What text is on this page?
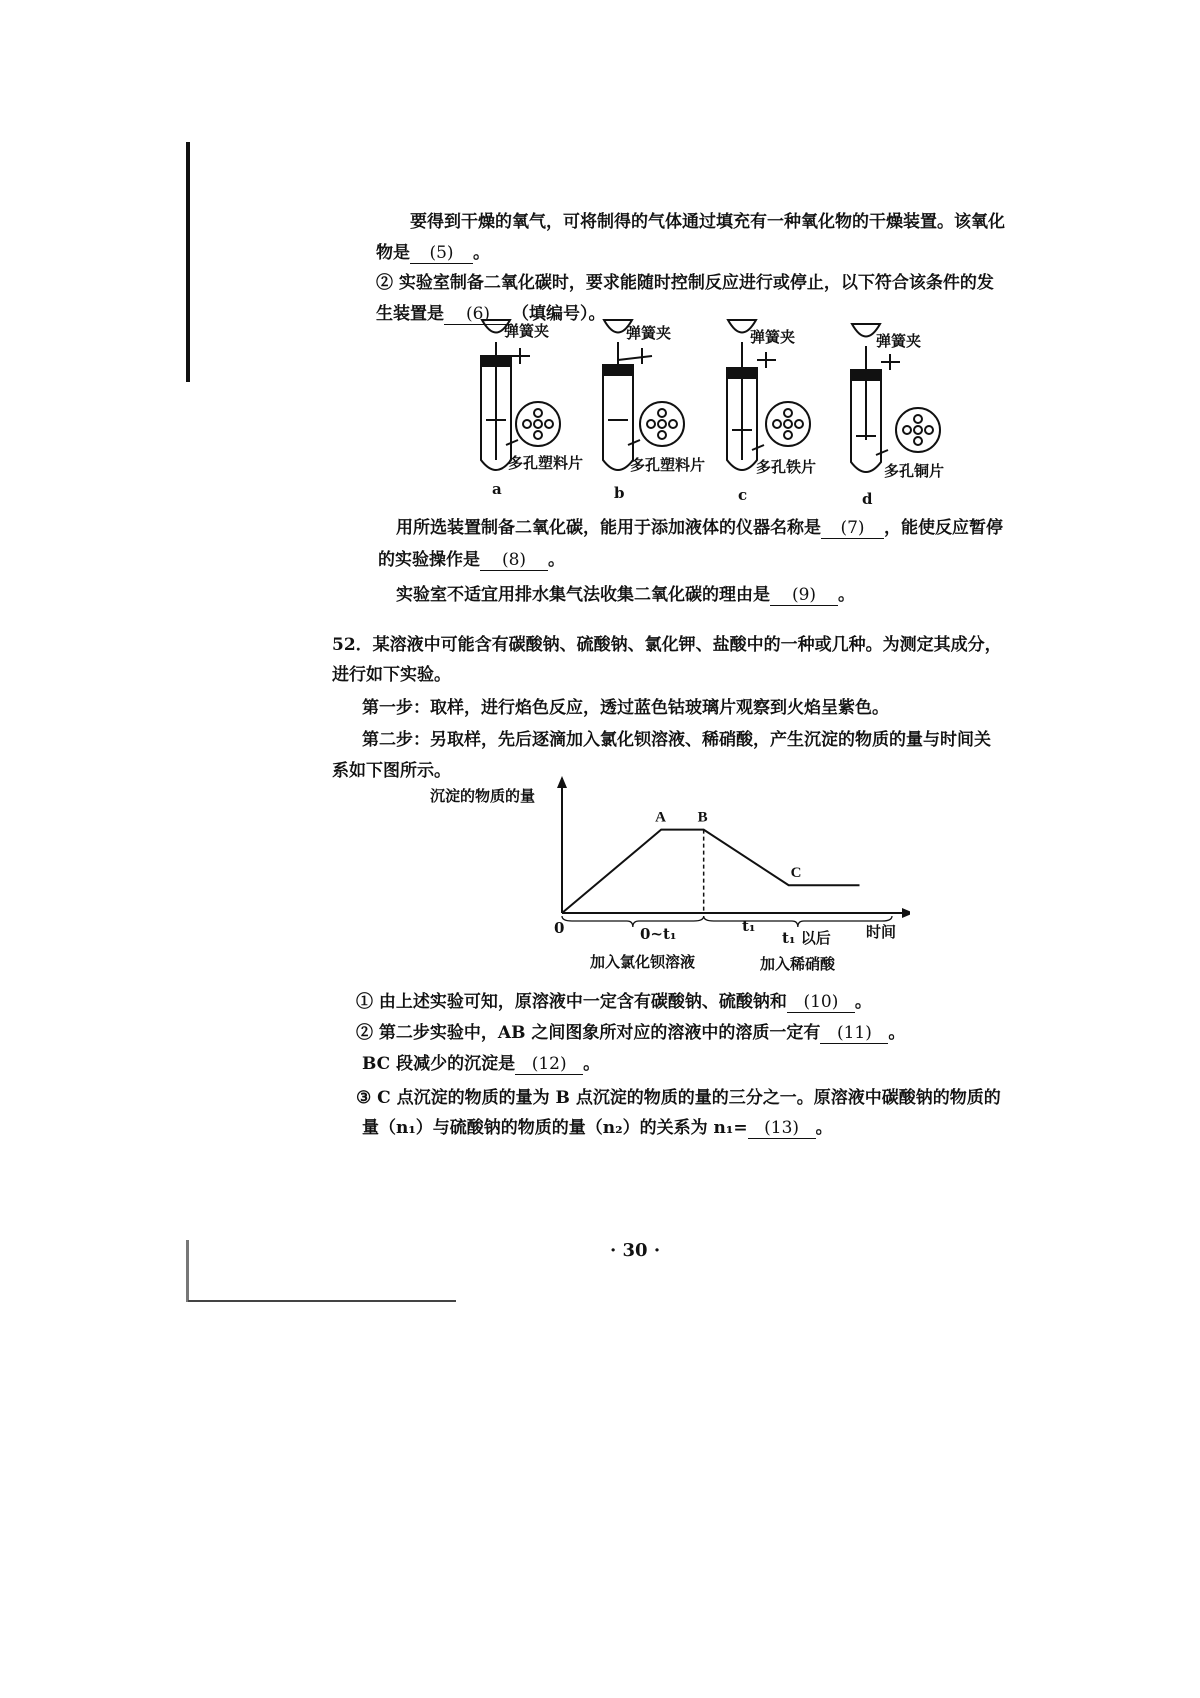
要得到干燥的氧气，可将制得的气体通过填充有一种氧化物的干燥装置。该氧化
物是 (5) 。
② 实验室制备二氧化碳时，要求能随时控制反应进行或停止，以下符合该条件的发
生装置是 (6) （填编号）。
弹簧夹	弹簧夹	弹簧夹	弹簧夹
多孔塑料片	多孔塑料片	多孔铁片	多孔铜片
a	b	c	d
用所选装置制备二氧化碳，能用于添加液体的仪器名称是 (7) ，能使反应暂停
的实验操作是 (8) 。
实验室不适宜用排水集气法收集二氧化碳的理由是 (9) 。
52．某溶液中可能含有碳酸钠、硫酸钠、氯化钾、盐酸中的一种或几种。为测定其成分，
进行如下实验。
第一步：取样，进行焰色反应，透过蓝色钴玻璃片观察到火焰呈紫色。
第二步：另取样，先后逐滴加入氯化钡溶液、稀硝酸，产生沉淀的物质的量与时间关
系如下图所示。
A B
C
沉淀的物质的量
时间
0	t₁
0~t₁	t₁ 以后
加入氯化钡溶液	加入稀硝酸
① 由上述实验可知，原溶液中一定含有碳酸钠、硫酸钠和 (10) 。
② 第二步实验中，AB 之间图象所对应的溶液中的溶质一定有 (11) 。
BC 段减少的沉淀是 (12) 。
③ C 点沉淀的物质的量为 B 点沉淀的物质的量的三分之一。原溶液中碳酸钠的物质的
量（n₁）与硫酸钠的物质的量（n₂）的关系为 n₁= (13) 。
· 30 ·
